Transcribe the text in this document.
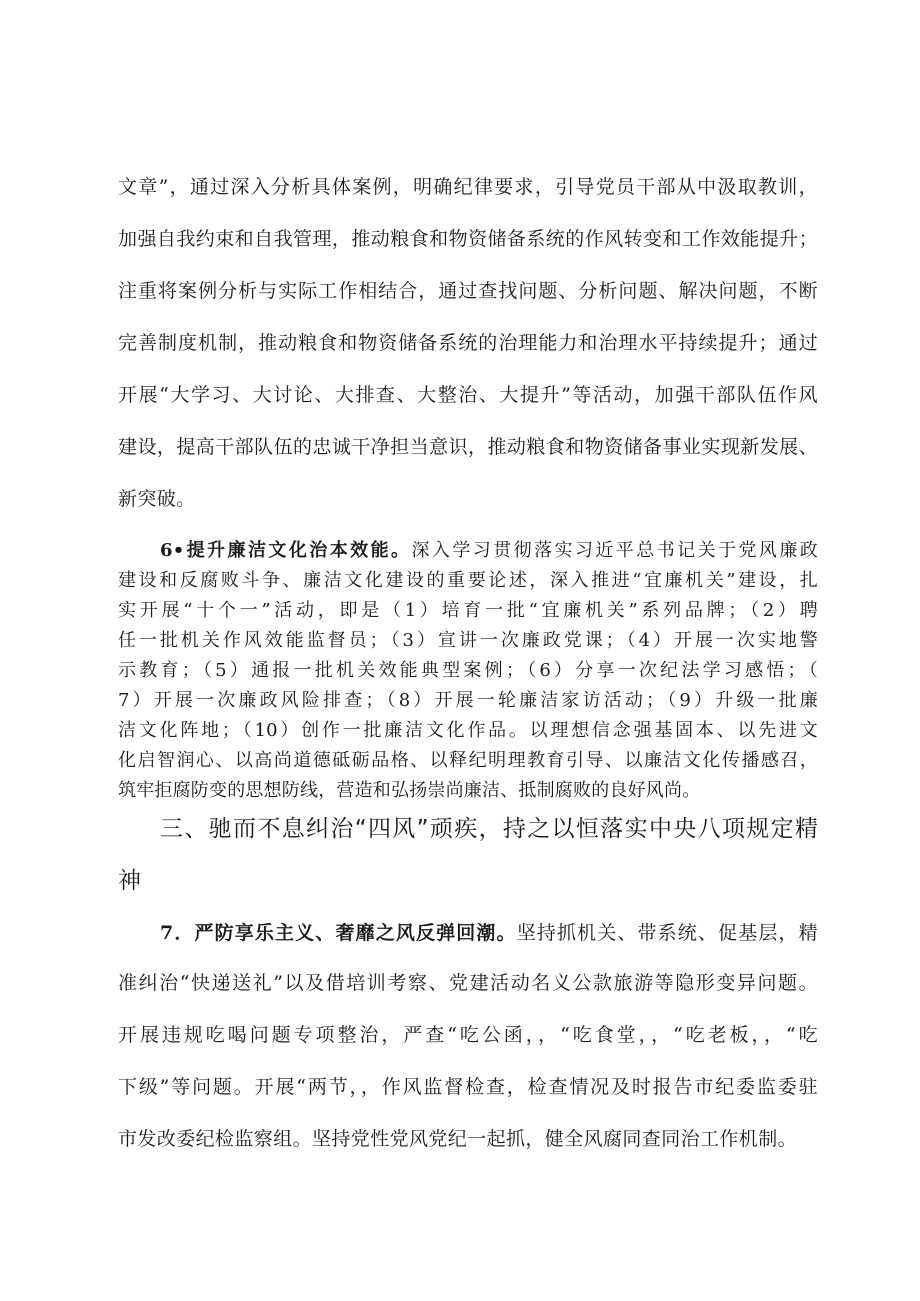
文章”，通过深入分析具体案例，明确纪律要求，引导党员干部从中汲取教训，
加强自我约束和自我管理，推动粮食和物资储备系统的作风转变和工作效能提升；
注重将案例分析与实际工作相结合，通过查找问题、分析问题、解决问题，不断
完善制度机制，推动粮食和物资储备系统的治理能力和治理水平持续提升；通过
开展“大学习、大讨论、大排查、大整治、大提升”等活动，加强干部队伍作风
建设，提高干部队伍的忠诚干净担当意识，推动粮食和物资储备事业实现新发展、
新突破。
6•提升廉洁文化治本效能。深入学习贯彻落实习近平总书记关于党风廉政
建设和反腐败斗争、廉洁文化建设的重要论述，深入推进“宜廉机关”建设，扎
实开展“十个一”活动，即是（1）培育一批“宜廉机关”系列品牌；（2）聘
任一批机关作风效能监督员；（3）宣讲一次廉政党课；（4）开展一次实地警
示教育；（5）通报一批机关效能典型案例；（6）分享一次纪法学习感悟；（
7）开展一次廉政风险排查；（8）开展一轮廉洁家访活动；（9）升级一批廉
洁文化阵地；（10）创作一批廉洁文化作品。以理想信念强基固本、以先进文
化启智润心、以高尚道德砥砺品格、以释纪明理教育引导、以廉洁文化传播感召，
筑牢拒腐防变的思想防线，营造和弘扬崇尚廉洁、抵制腐败的良好风尚。
三、驰而不息纠治“四风”顽疾，持之以恒落实中央八项规定精
神
7．严防享乐主义、奢靡之风反弹回潮。坚持抓机关、带系统、促基层，精
准纠治“快递送礼”以及借培训考察、党建活动名义公款旅游等隐形变异问题。
开展违规吃喝问题专项整治，严查“吃公函，，“吃食堂，，“吃老板，，“吃
下级”等问题。开展“两节，，作风监督检查，检查情况及时报告市纪委监委驻
市发改委纪检监察组。坚持党性党风党纪一起抓，健全风腐同查同治工作机制。
